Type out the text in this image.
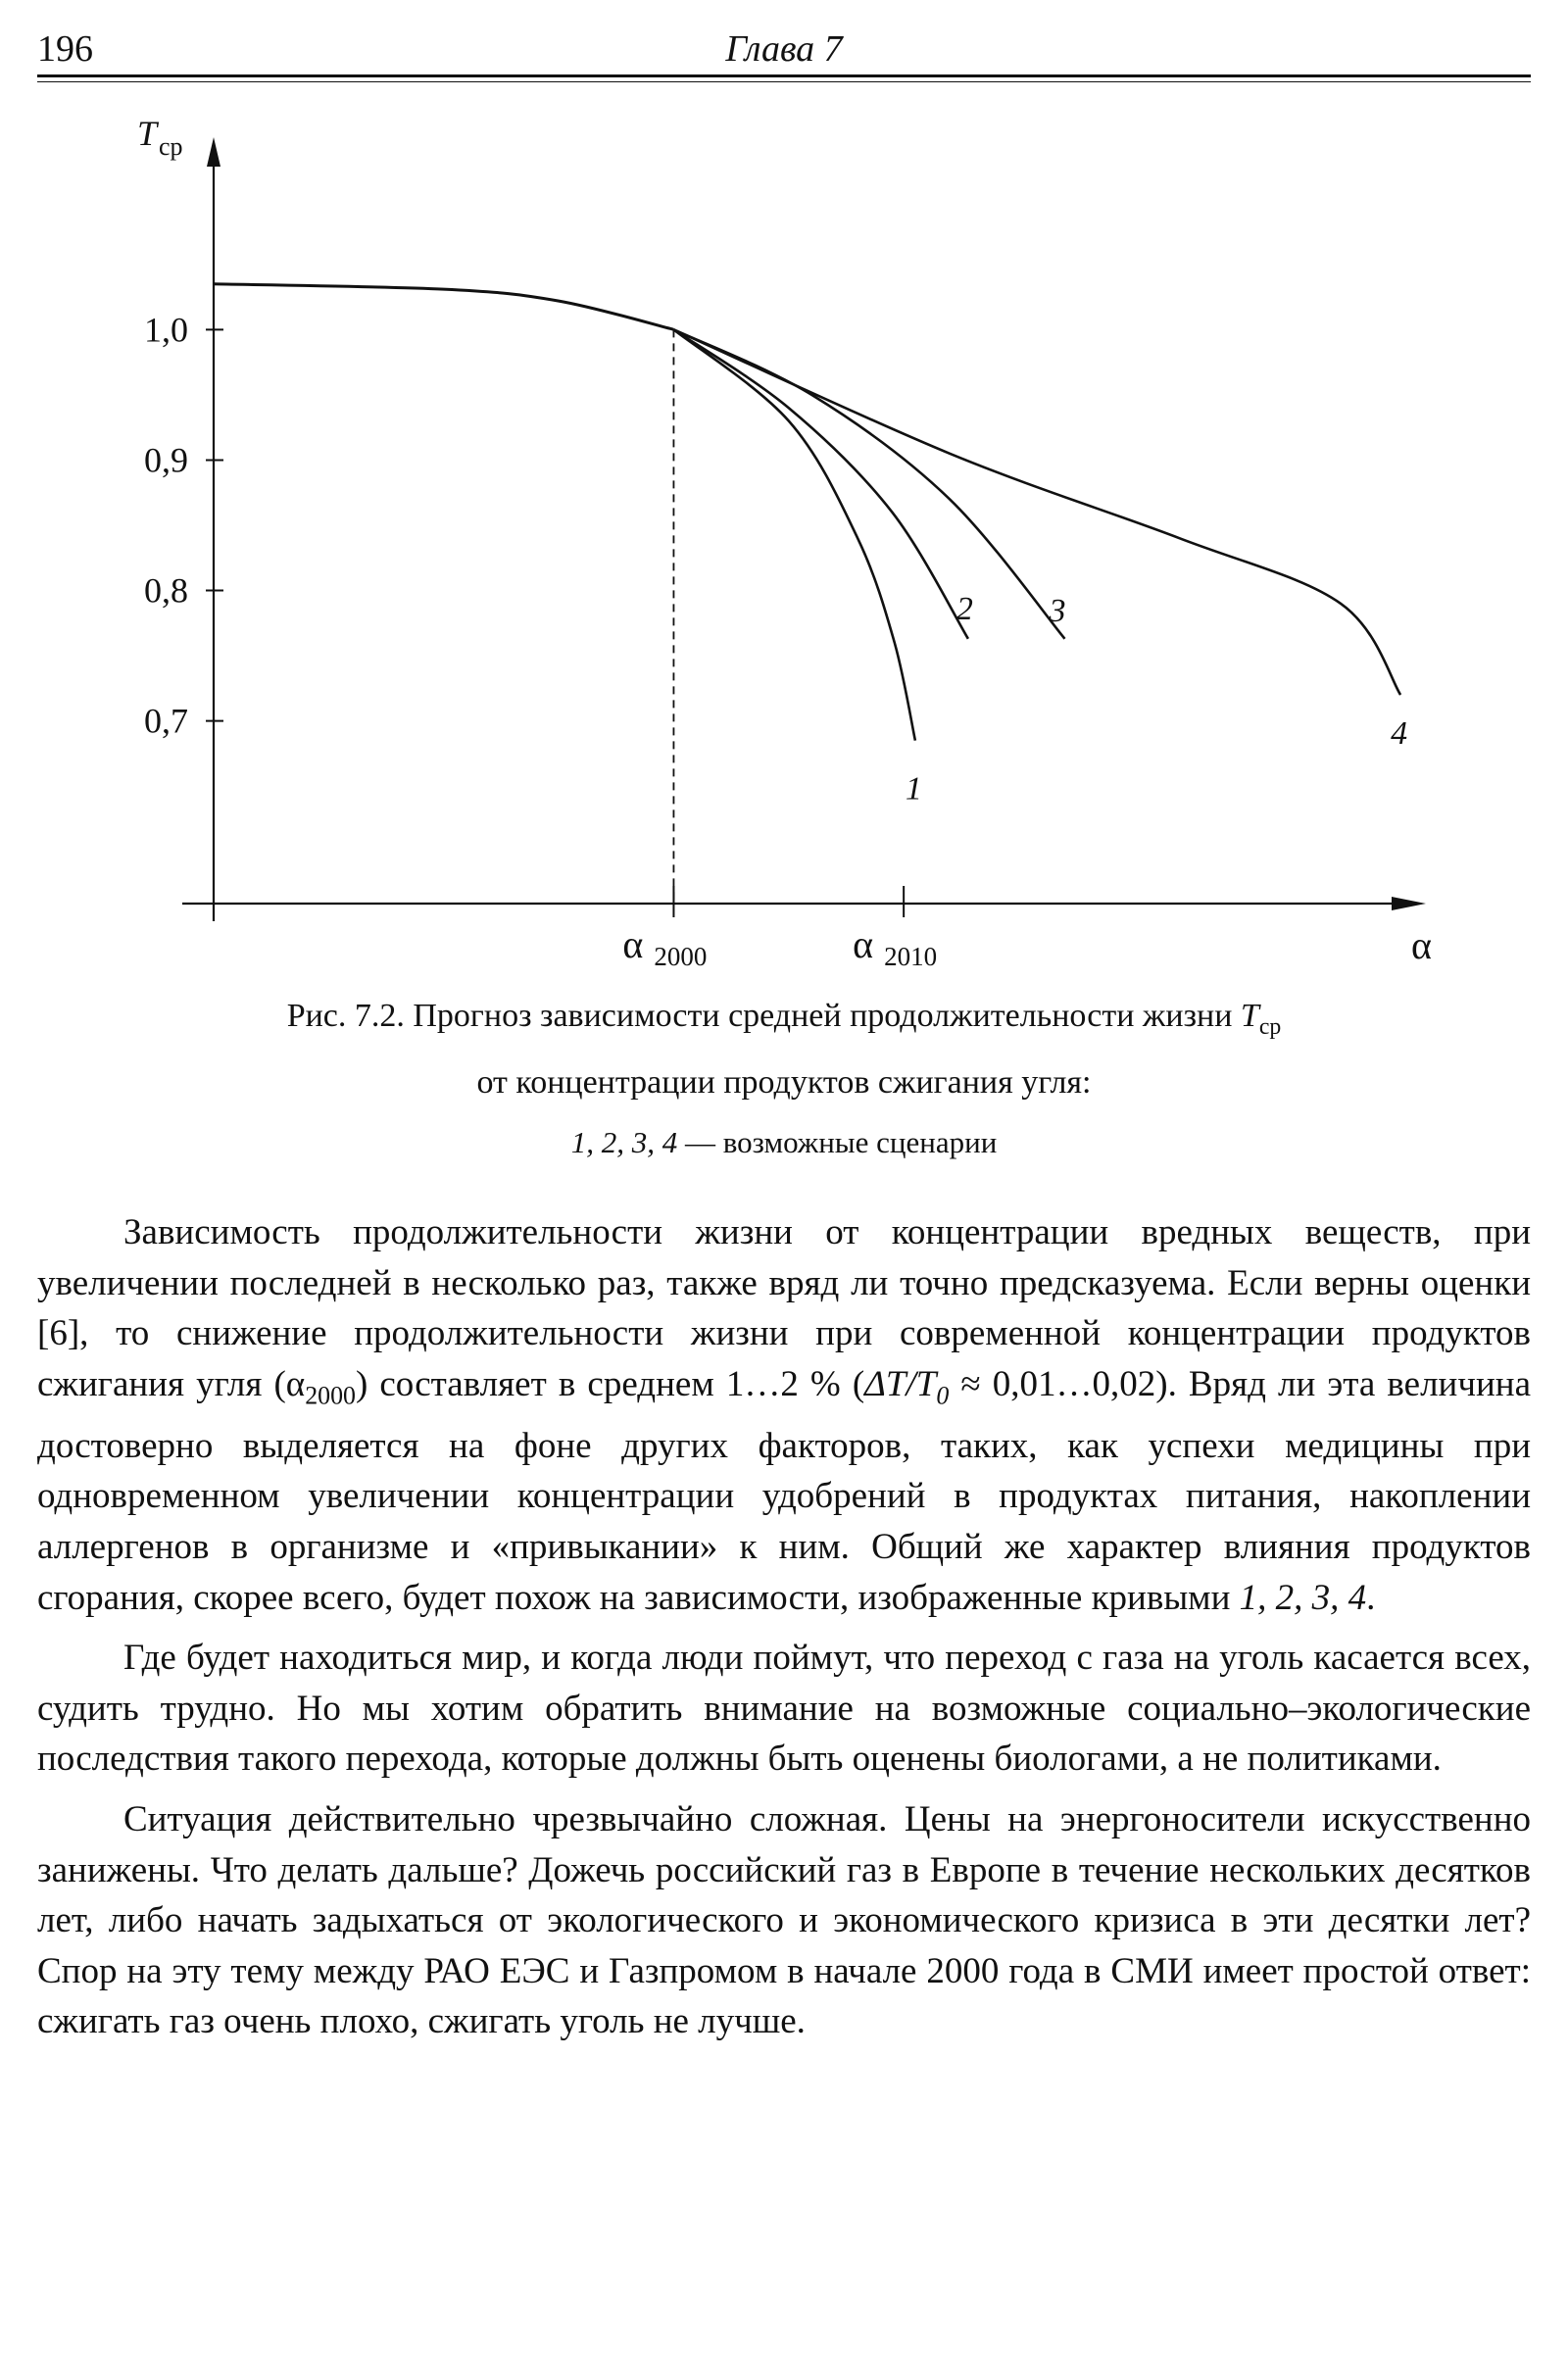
196	Глава 7
T ср
1,0
0,9
0,8
0,7
α 2000	α 2010	α
1
2 3
4
Рис. 7.2. Прогноз зависимости средней продолжительности жизни $T_{ср}$
от концентрации продуктов сжигания угля:
1, 2, 3, 4 — возможные сценарии

Зависимость продолжительности жизни от концентрации вредных веществ, при увеличении последней в несколько раз, также вряд ли точно предсказуема. Если верны оценки [6], то снижение продолжительности жизни при современной концентрации продуктов сжигания угля $(\alpha_{2000})$ составляет в среднем 1…2 % ($\Delta T/T_0$ ≈ 0,01…0,02). Вряд ли эта величина достоверно выделяется на фоне других факторов, таких, как успехи медицины при одновременном увеличении концентрации удобрений в продуктах питания, накоплении аллергенов в организме и «привыкании» к ним. Общий же характер влияния продуктов сгорания, скорее всего, будет похож на зависимости, изображенные кривыми 1, 2, 3, 4.

Где будет находиться мир, и когда люди поймут, что переход с газа на уголь касается всех, судить трудно. Но мы хотим обратить внимание на возможные социально–экологические последствия такого перехода, которые должны быть оценены биологами, а не политиками.

Ситуация действительно чрезвычайно сложная. Цены на энергоносители искусственно занижены. Что делать дальше? Дожечь российский газ в Европе в течение нескольких десятков лет, либо начать задыхаться от экологического и экономического кризиса в эти десятки лет? Спор на эту тему между РАО ЕЭС и Газпромом в начале 2000 года в СМИ имеет простой ответ: сжигать газ очень плохо, сжигать уголь не лучше.
